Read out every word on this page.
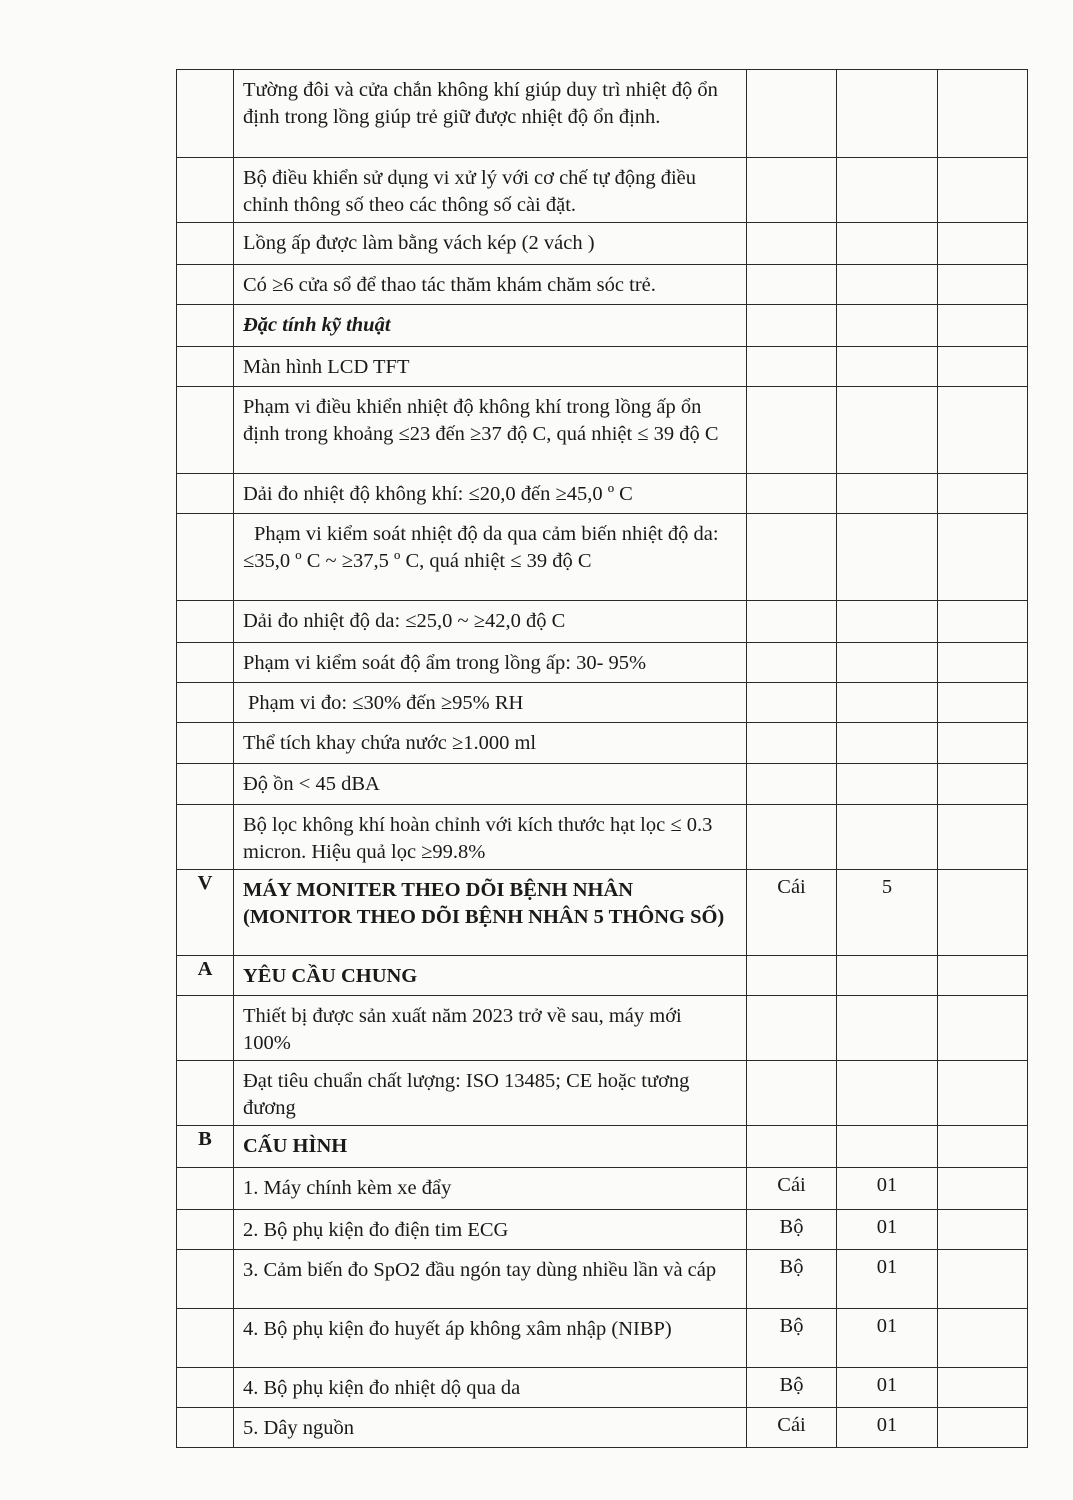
	Tường đôi và cửa chắn không khí giúp duy trì nhiệt độ ổn định trong lồng giúp trẻ giữ được nhiệt độ ổn định.			
	Bộ điều khiển sử dụng vi xử lý với cơ chế tự động điều chỉnh thông số theo các thông số cài đặt.			
	Lồng ấp được làm bằng vách kép (2 vách )			
	Có ≥6 cửa sổ để thao tác thăm khám chăm sóc trẻ.			
	Đặc tính kỹ thuật			
	Màn hình LCD TFT			
	Phạm vi điều khiển nhiệt độ không khí trong lồng ấp ổn định trong khoảng ≤23 đến ≥37 độ C, quá nhiệt ≤ 39 độ C			
	Dải đo nhiệt độ không khí: ≤20,0 đến ≥45,0 º C			

	Phạm vi kiểm soát nhiệt độ da qua cảm biến nhiệt độ da: ≤35,0 º C ~ ≥37,5 º C, quá nhiệt ≤ 39 độ C			

	Dải đo nhiệt độ da: ≤25,0 ~ ≥42,0 độ C			
	Phạm vi kiểm soát độ ẩm trong lồng ấp: 30- 95%			

	Phạm vi đo: ≤30% đến ≥95% RH			

	Thể tích khay chứa nước ≥1.000 ml			
	Độ ồn < 45 dBA			
	Bộ lọc không khí hoàn chỉnh với kích thước hạt lọc ≤ 0.3 micron. Hiệu quả lọc ≥99.8%			
V	MÁY MONITER THEO DÕI BỆNH NHÂN (MONITOR THEO DÕI BỆNH NHÂN 5 THÔNG SỐ)	Cái	5	
A	YÊU CẦU CHUNG			
	Thiết bị được sản xuất năm 2023 trở về sau, máy mới 100%			
	Đạt tiêu chuẩn chất lượng: ISO 13485; CE hoặc tương đương			
B	CẤU HÌNH			
	1. Máy chính kèm xe đẩy	Cái	01	
	2. Bộ phụ kiện đo điện tim ECG	Bộ	01	
	3. Cảm biến đo SpO2 đầu ngón tay dùng nhiều lần và cáp	Bộ	01	
	4. Bộ phụ kiện đo huyết áp không xâm nhập (NIBP)	Bộ	01	
	4. Bộ phụ kiện đo nhiệt dộ qua da	Bộ	01	
	5. Dây nguồn	Cái	01	
